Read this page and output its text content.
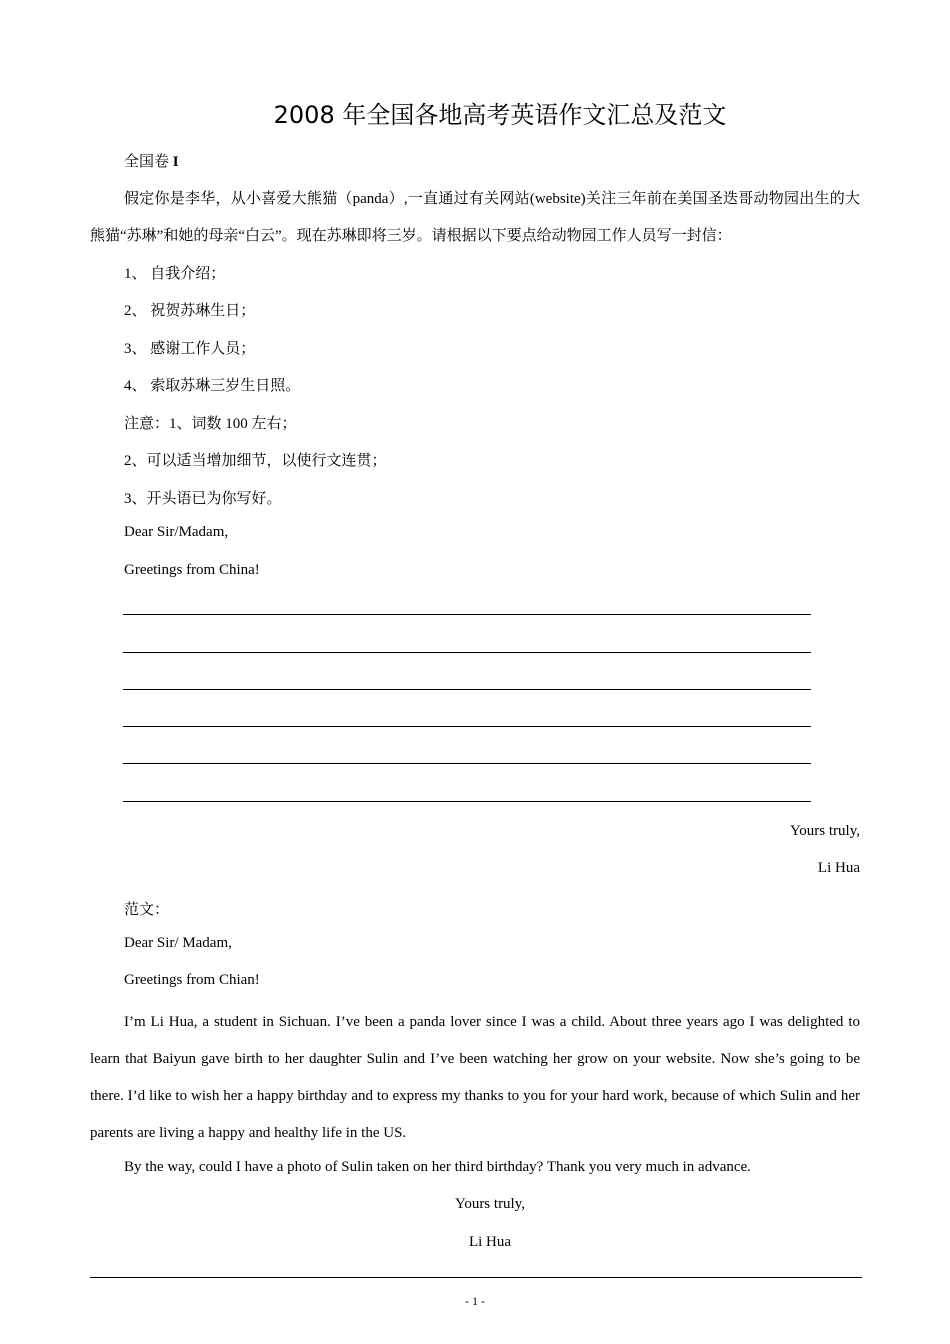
2008 年全国各地高考英语作文汇总及范文
全国卷 I
假定你是李华，从小喜爱大熊猫（panda）,一直通过有关网站(website)关注三年前在美国圣迭哥动物园出生的大熊猫“苏琳”和她的母亲“白云”。现在苏琳即将三岁。请根据以下要点给动物园工作人员写一封信：
1、 自我介绍；
2、 祝贺苏琳生日；
3、 感谢工作人员；
4、 索取苏琳三岁生日照。
注意：1、词数 100 左右；
2、可以适当增加细节，以使行文连贯；
3、开头语已为你写好。
Dear Sir/Madam,
Greetings from China!
Yours truly,
Li Hua
范文：
Dear Sir/ Madam,
Greetings from Chian!
I’m Li Hua, a student in Sichuan. I’ve been a panda lover since I was a child. About three years ago I was delighted to learn that Baiyun gave birth to her daughter Sulin and I’ve been watching her grow on your website. Now she’s going to be there. I’d like to wish her a happy birthday and to express my thanks to you for your hard work, because of which Sulin and her parents are living a happy and healthy life in the US.
By the way, could I have a photo of Sulin taken on her third birthday? Thank you very much in advance.
Yours truly,
Li Hua
- 1 -
